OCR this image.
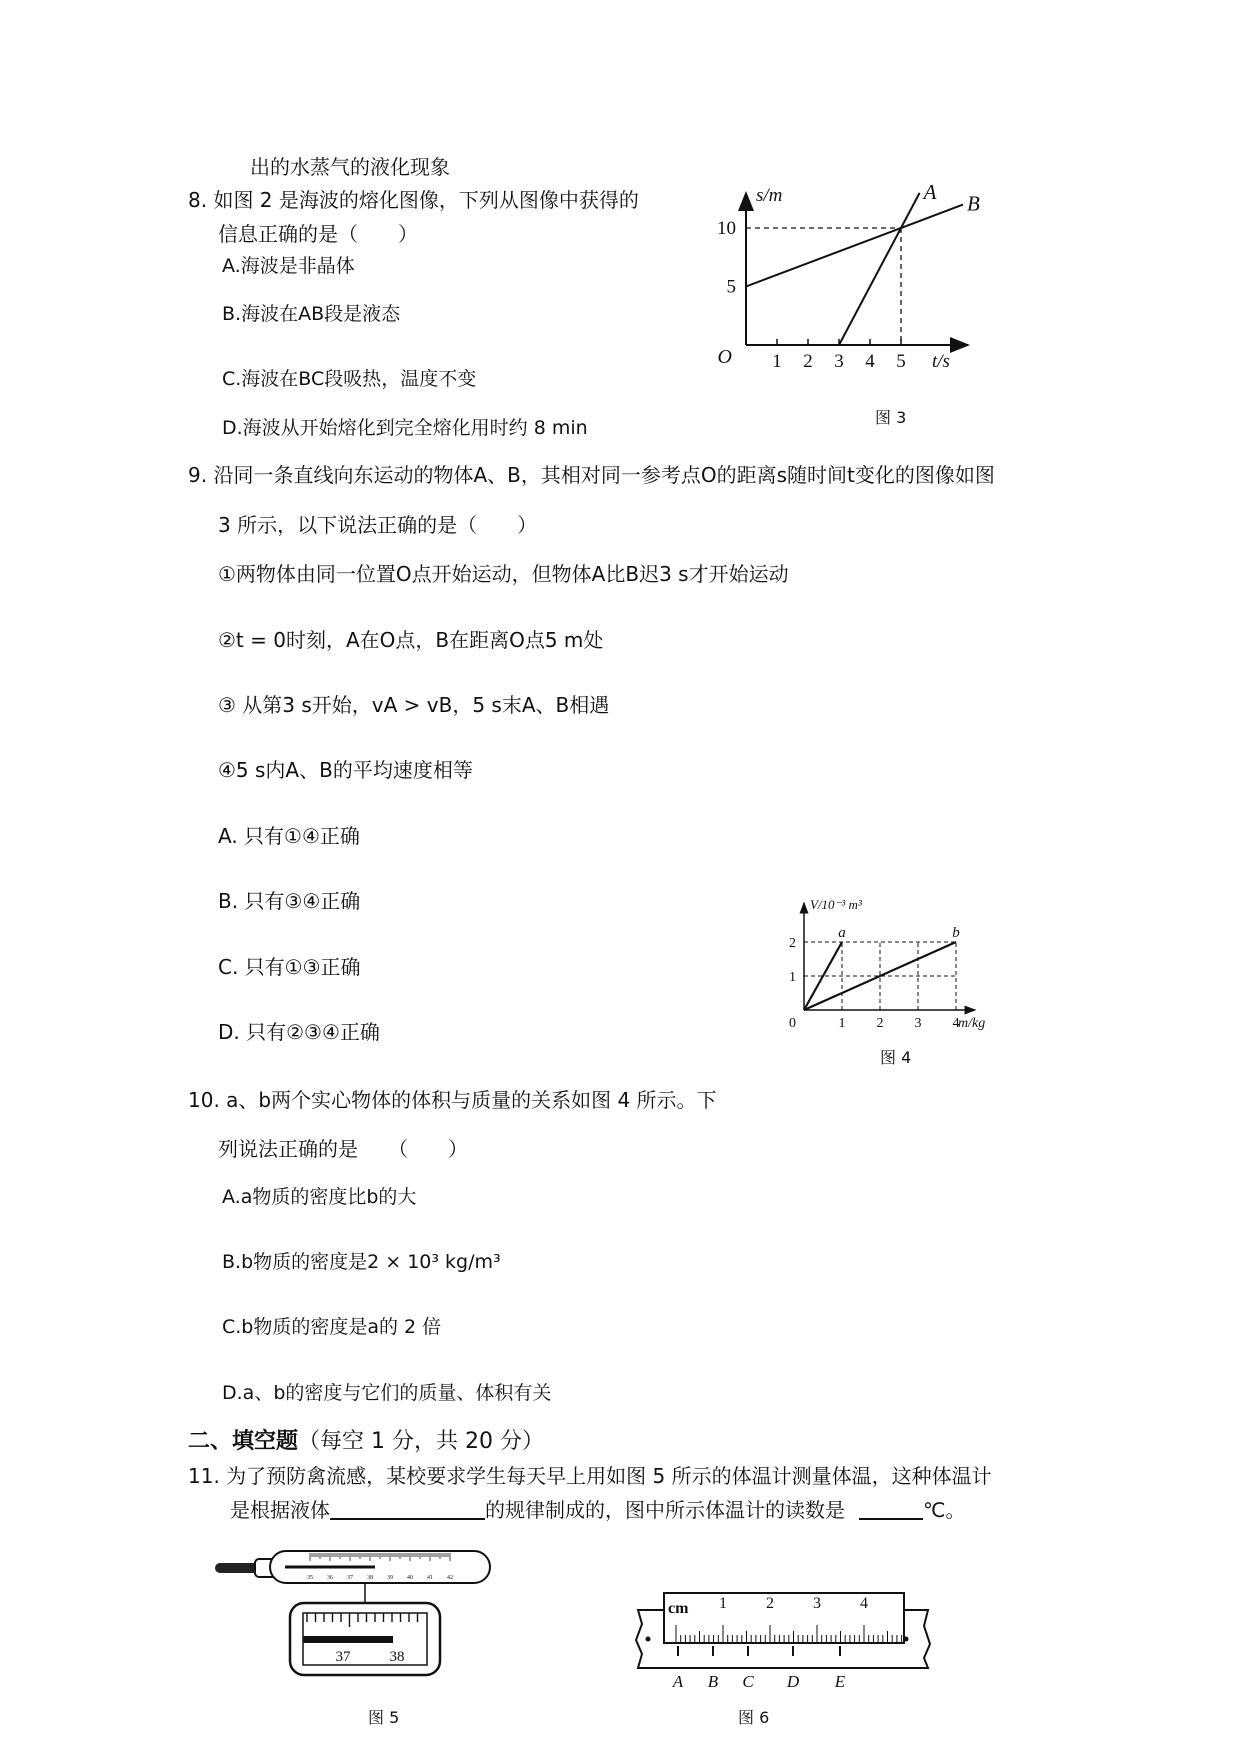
出的水蒸气的液化现象
8. 如图 2 是海波的熔化图像，下列从图像中获得的
信息正确的是（　　）
A.海波是非晶体
B.海波在AB段是液态
C.海波在BC段吸热，温度不变
D.海波从开始熔化到完全熔化用时约 8 min
1 2 3 4 5
5
10
O
s/m
t/s
A B
图 3
9. 沿同一条直线向东运动的物体A、B，其相对同一参考点O的距离s随时间t变化的图像如图
3 所示，以下说法正确的是（　　）
①两物体由同一位置O点开始运动，但物体A比B迟3 s才开始运动
②t = 0时刻，A在O点，B在距离O点5 m处
③ 从第3 s开始，vA > vB，5 s末A、B相遇
④5 s内A、B的平均速度相等
A. 只有①④正确
B. 只有③④正确
C. 只有①③正确
D. 只有②③④正确	1 2 3 4
1
2
0
V/10⁻³ m³
m/kg
a	b
图 4
10. a、b两个实心物体的体积与质量的关系如图 4 所示。下
列说法正确的是　　（　　）
A.a物质的密度比b的大
B.b物质的密度是2 × 10³ kg/m³
C.b物质的密度是a的 2 倍
D.a、b的密度与它们的质量、体积有关
二、填空题（每空 1 分，共 20 分）
11. 为了预防禽流感，某校要求学生每天早上用如图 5 所示的体温计测量体温，这种体温计
是根据液体	的规律制成的，图中所示体温计的读数是	℃。
35 36 37 38 39 40 41 42
37	38
图 5
cm 1 2 3 4
A B C D E
图 6
